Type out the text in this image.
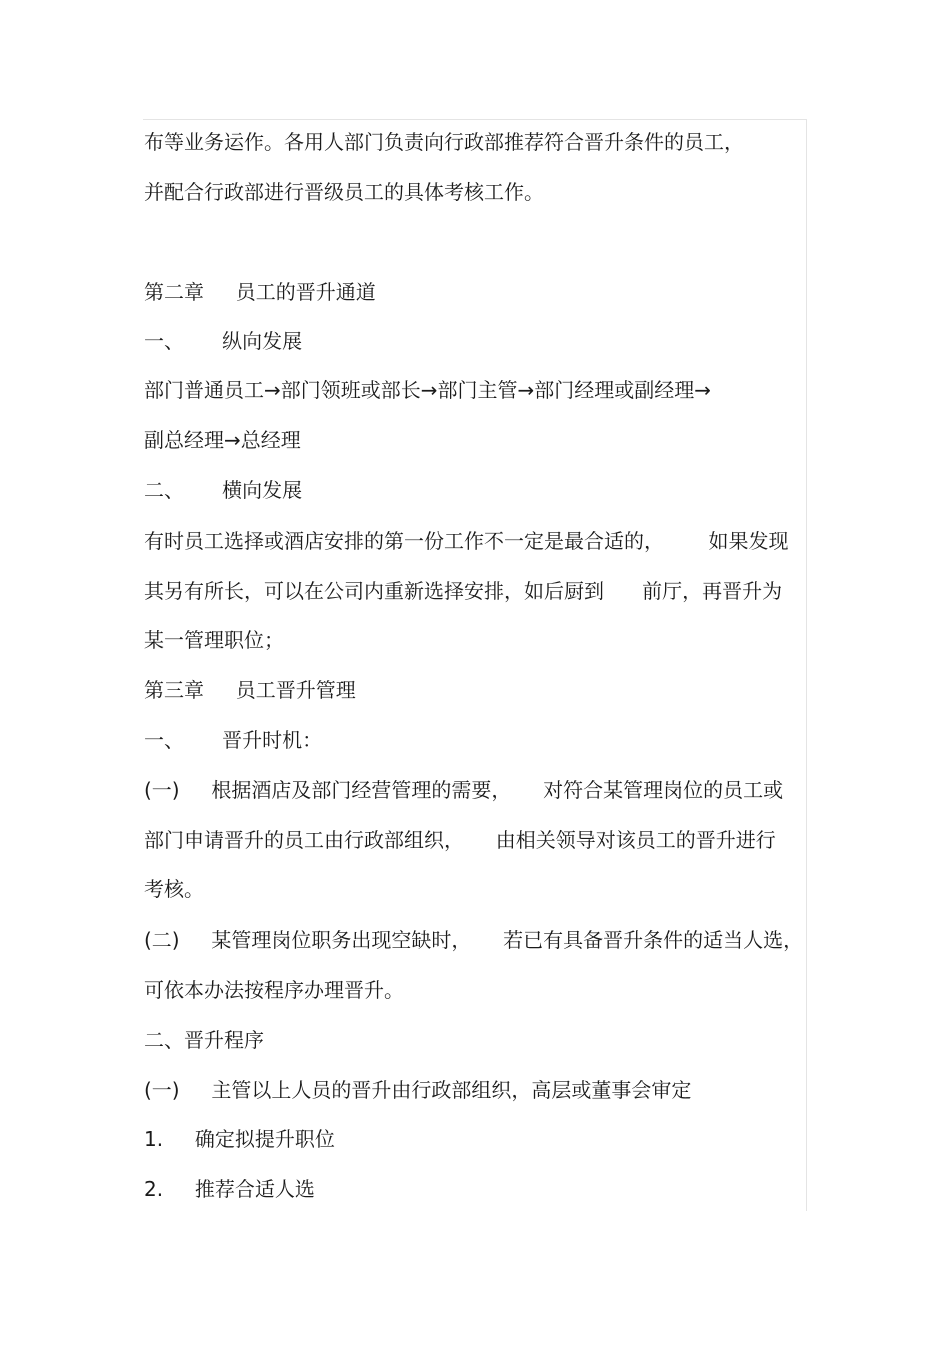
布等业务运作。各用人部门负责向行政部推荐符合晋升条件的员工，

并配合行政部进行晋级员工的具体考核工作。

第二章     员工的晋升通道

一、      纵向发展

部门普通员工→部门领班或部长→部门主管→部门经理或副经理→

副总经理→总经理

二、      横向发展

有时员工选择或酒店安排的第一份工作不一定是最合适的，       如果发现

其另有所长，可以在公司内重新选择安排，如后厨到      前厅，再晋升为

某一管理职位；

第三章     员工晋升管理

一、      晋升时机：

(一)     根据酒店及部门经营管理的需要，     对符合某管理岗位的员工或

部门申请晋升的员工由行政部组织，     由相关领导对该员工的晋升进行

考核。

(二)     某管理岗位职务出现空缺时，     若已有具备晋升条件的适当人选，

可依本办法按程序办理晋升。

二、晋升程序

(一)     主管以上人员的晋升由行政部组织，高层或董事会审定

1.     确定拟提升职位

2.     推荐合适人选
